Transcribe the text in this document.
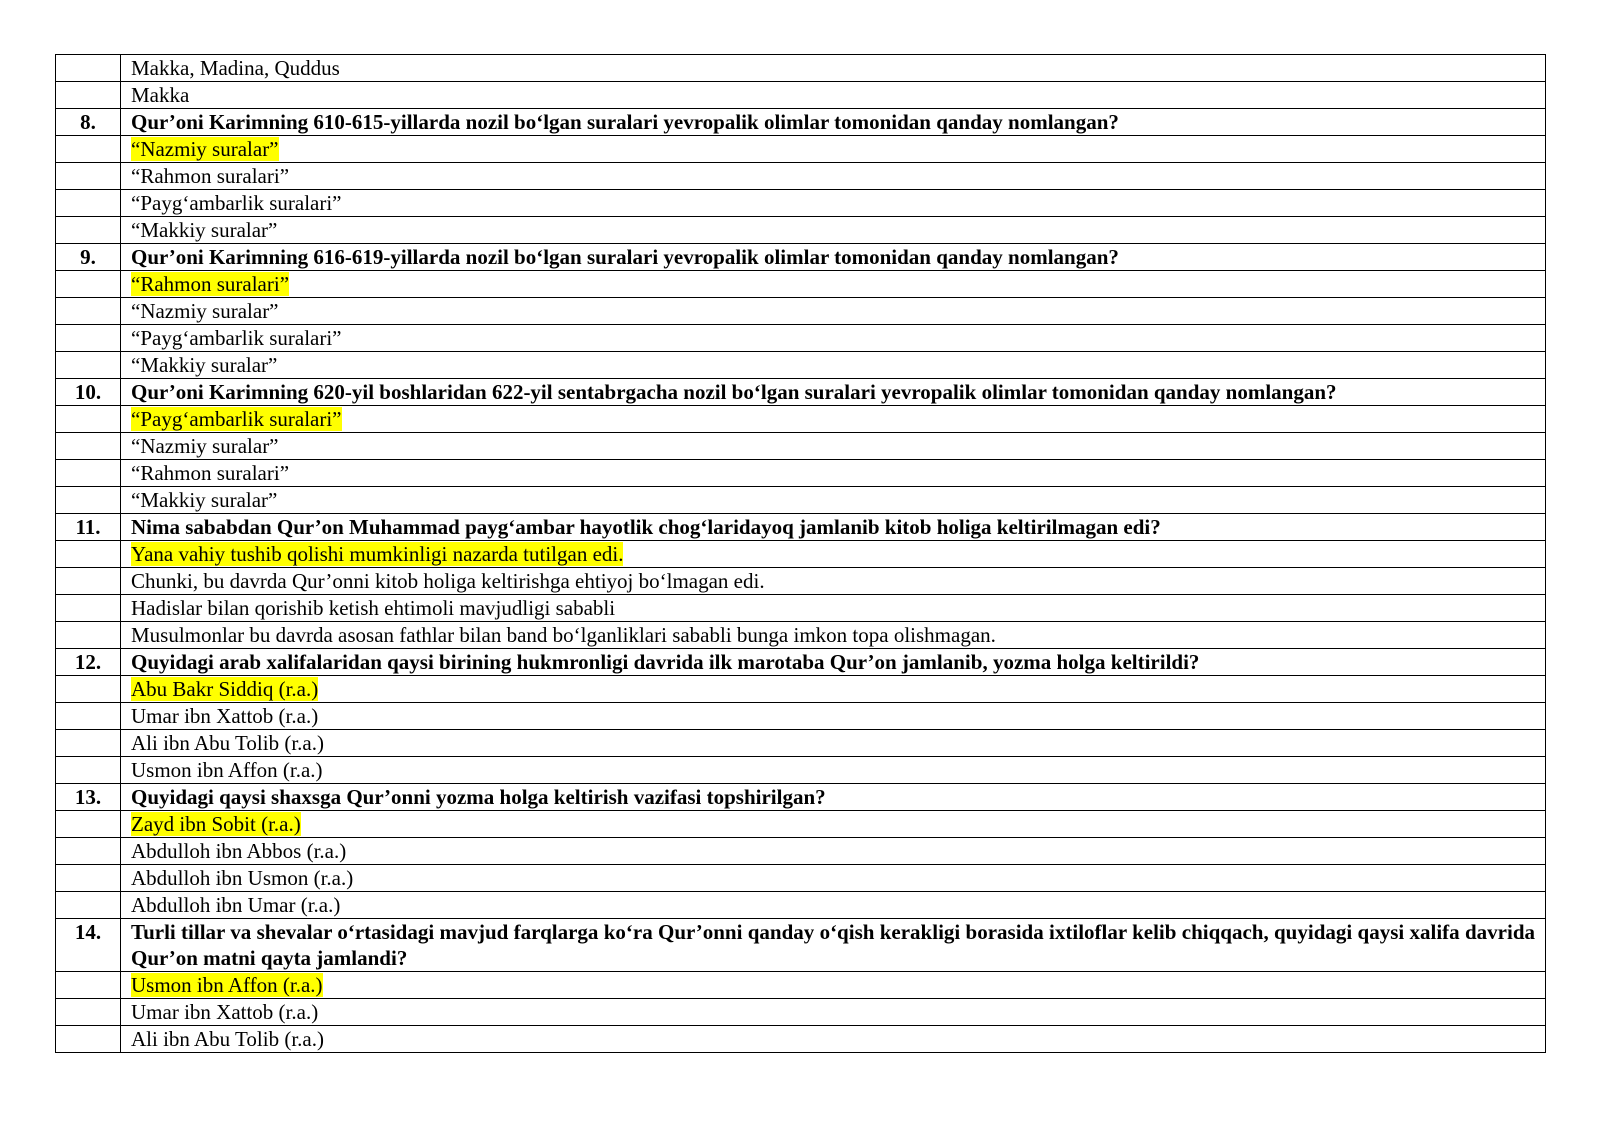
	Makka, Madina, Quddus
	Makka
8.	Qur’oni Karimning 610-615-yillarda nozil bo‘lgan suralari yevropalik olimlar tomonidan qanday nomlangan?
	“Nazmiy suralar”
	“Rahmon suralari”
	“Payg‘ambarlik suralari”
	“Makkiy suralar”
9.	Qur’oni Karimning 616-619-yillarda nozil bo‘lgan suralari yevropalik olimlar tomonidan qanday nomlangan?
	“Rahmon suralari”
	“Nazmiy suralar”
	“Payg‘ambarlik suralari”
	“Makkiy suralar”
10.	Qur’oni Karimning 620-yil boshlaridan 622-yil sentabrgacha nozil bo‘lgan suralari yevropalik olimlar tomonidan qanday nomlangan?
	“Payg‘ambarlik suralari”
	“Nazmiy suralar”
	“Rahmon suralari”
	“Makkiy suralar”
11.	Nima sababdan Qur’on Muhammad payg‘ambar hayotlik chog‘laridayoq jamlanib kitob holiga keltirilmagan edi?
	Yana vahiy tushib qolishi mumkinligi nazarda tutilgan edi.
	Chunki, bu davrda Qur’onni kitob holiga keltirishga ehtiyoj bo‘lmagan edi.
	Hadislar bilan qorishib ketish ehtimoli mavjudligi sababli
	Musulmonlar bu davrda asosan fathlar bilan band bo‘lganliklari sababli bunga imkon topa olishmagan.
12.	Quyidagi arab xalifalaridan qaysi birining hukmronligi davrida ilk marotaba Qur’on jamlanib, yozma holga keltirildi?
	Abu Bakr Siddiq (r.a.)
	Umar ibn Xattob (r.a.)
	Ali ibn Abu Tolib (r.a.)
	Usmon ibn Affon (r.a.)
13.	Quyidagi qaysi shaxsga Qur’onni yozma holga keltirish vazifasi topshirilgan?
	Zayd ibn Sobit (r.a.)
	Abdulloh ibn Abbos (r.a.)
	Abdulloh ibn Usmon (r.a.)
	Abdulloh ibn Umar (r.a.)
14.	Turli tillar va shevalar o‘rtasidagi mavjud farqlarga ko‘ra Qur’onni qanday o‘qish kerakligi borasida ixtiloflar kelib chiqqach, quyidagi qaysi xalifa davrida Qur’on matni qayta jamlandi?
	Usmon ibn Affon (r.a.)
	Umar ibn Xattob (r.a.)
	Ali ibn Abu Tolib (r.a.)
